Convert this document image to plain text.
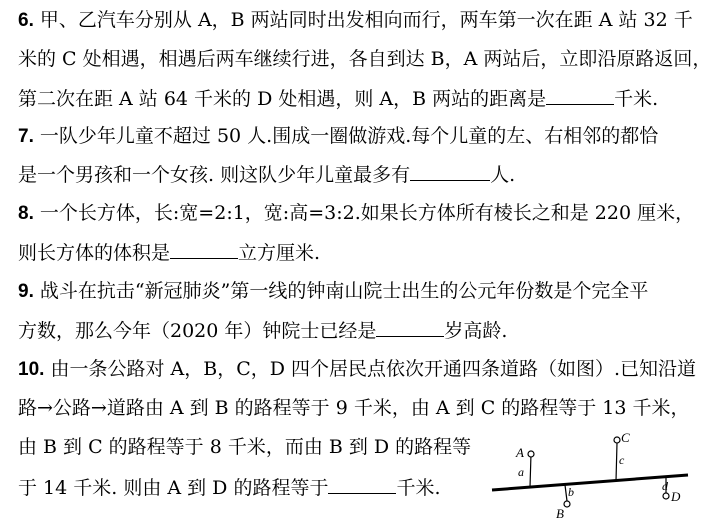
6. 甲、乙汽车分别从 A，B 两站同时出发相向而行，两车第一次在距 A 站 32 千
米的 C 处相遇，相遇后两车继续行进，各自到达 B，A 两站后，立即沿原路返回，
第二次在距 A 站 64 千米的 D 处相遇，则 A，B 两站的距离是	千米.
7. 一队少年儿童不超过 50 人.围成一圈做游戏.每个儿童的左、右相邻的都恰
是一个男孩和一个女孩. 则这队少年儿童最多有	人.
8. 一个长方体，长:宽=2:1，宽:高=3:2.如果长方体所有棱长之和是 220 厘米，
则长方体的体积是	立方厘米.
9. 战斗在抗击“新冠肺炎”第一线的钟南山院士出生的公元年份数是个完全平
方数，那么今年（2020 年）钟院士已经是	岁高龄.
10. 由一条公路对 A，B，C，D 四个居民点依次开通四条道路（如图）.已知沿道
路→公路→道路由 A 到 B 的路程等于 9 千米，由 A 到 C 的路程等于 13 千米，
由 B 到 C 的路程等于 8 千米，而由 B 到 D 的路程等
于 14 千米. 则由 A 到 D 的路程等于	千米.
A
a
B
b
C
c
D
d
